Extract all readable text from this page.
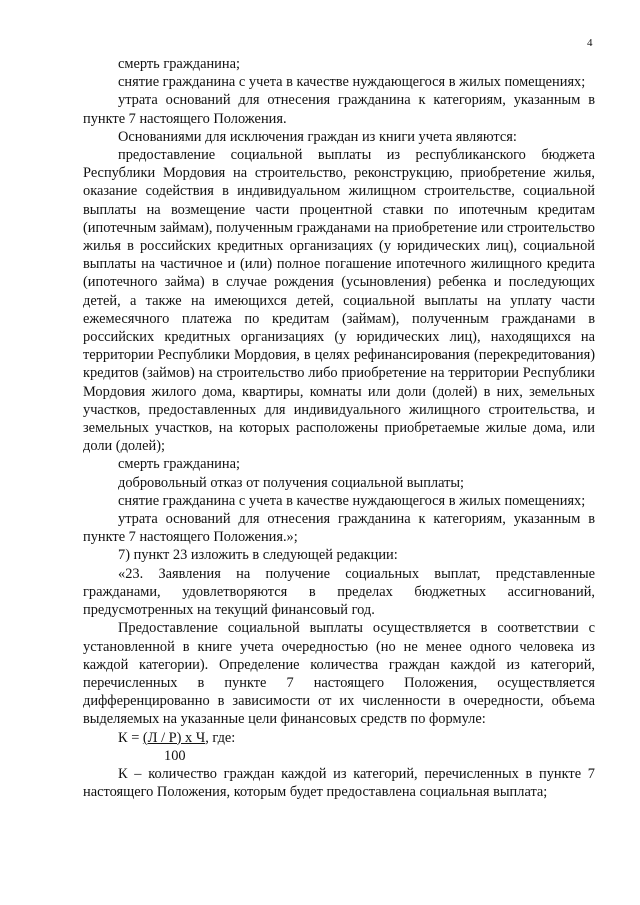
4

смерть гражданина;

снятие гражданина с учета в качестве нуждающегося в жилых помещениях;

утрата оснований для отнесения гражданина к категориям, указанным в пункте 7 настоящего Положения.

Основаниями для исключения граждан из книги учета являются:

предоставление социальной выплаты из республиканского бюджета Республики Мордовия на строительство, реконструкцию, приобретение жилья, оказание содействия в индивидуальном жилищном строительстве, социальной выплаты на возмещение части процентной ставки по ипотечным кредитам (ипотечным займам), полученным гражданами на приобретение или строительство жилья в российских кредитных организациях (у юридических лиц), социальной выплаты на частичное и (или) полное погашение ипотечного жилищного кредита (ипотечного займа) в случае рождения (усыновления) ребенка и последующих детей, а также на имеющихся детей, социальной выплаты на уплату части ежемесячного платежа по кредитам (займам), полученным гражданами в российских кредитных организациях (у юридических лиц), находящихся на территории Республики Мордовия, в целях рефинансирования (перекредитования) кредитов (займов) на строительство либо приобретение на территории Республики Мордовия жилого дома, квартиры, комнаты или доли (долей) в них, земельных участков, предоставленных для индивидуального жилищного строительства, и земельных участков, на которых расположены приобретаемые жилые дома, или доли (долей);

смерть гражданина;

добровольный отказ от получения социальной выплаты;

снятие гражданина с учета в качестве нуждающегося в жилых помещениях;

утрата оснований для отнесения гражданина к категориям, указанным в пункте 7 настоящего Положения.»;

7) пункт 23 изложить в следующей редакции:

«23. Заявления на получение социальных выплат, представленные гражданами, удовлетворяются в пределах бюджетных ассигнований, предусмотренных на текущий финансовый год.

Предоставление социальной выплаты осуществляется в соответствии с установленной в книге учета очередностью (но не менее одного человека из каждой категории). Определение количества граждан каждой из категорий, перечисленных в пункте 7 настоящего Положения, осуществляется дифференцированно в зависимости от их численности в очередности, объема выделяемых на указанные цели финансовых средств по формуле:

К = (Л / Р) х Ч, где:

100

К – количество граждан каждой из категорий, перечисленных в пункте 7 настоящего Положения, которым будет предоставлена социальная выплата;
